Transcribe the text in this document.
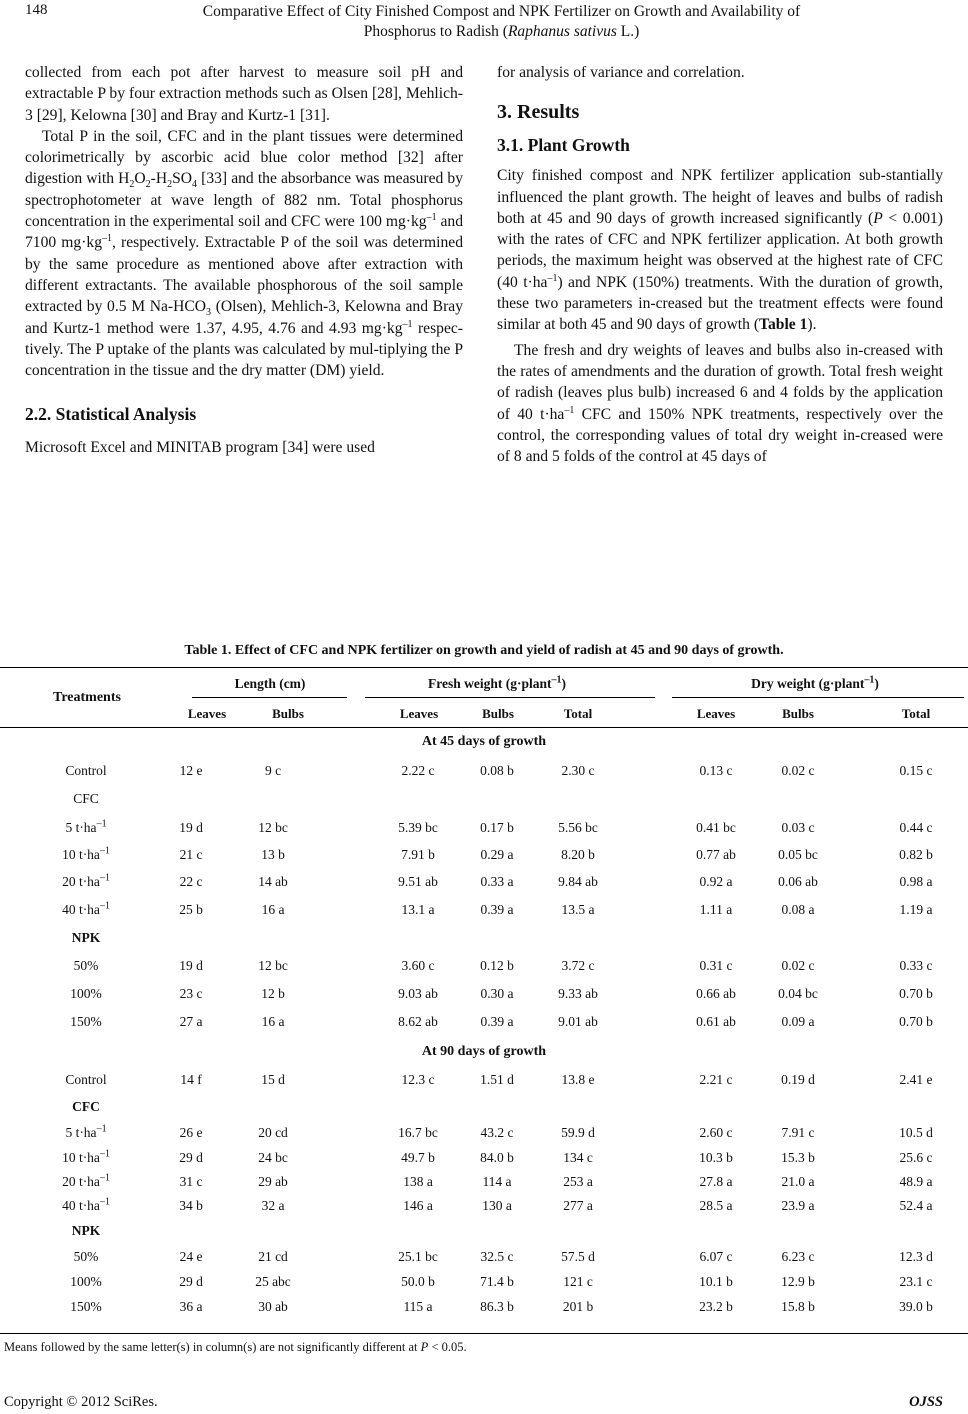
148	Comparative Effect of City Finished Compost and NPK Fertilizer on Growth and Availability of
Phosphorus to Radish (Raphanus sativus L.)

collected from each pot after harvest to measure soil pH and extractable P by four extraction methods such as Olsen [28], Mehlich-3 [29], Kelowna [30] and Bray and Kurtz-1 [31].

Total P in the soil, CFC and in the plant tissues were determined colorimetrically by ascorbic acid blue color method [32] after digestion with $H_2O_2-H_2SO_4$ [33] and the absorbance was measured by spectrophotometer at wave length of 882 nm. Total phosphorus concentration in the experimental soil and CFC were 100 $mg\cdot kg^{-1}$ and 7100 $mg\cdot kg^{-1}$, respectively. Extractable P of the soil was determined by the same procedure as mentioned above after extraction with different extractants. The available phosphorous of the soil sample extracted by 0.5 M $Na-HCO_3$ (Olsen), Mehlich-3, Kelowna and Bray and Kurtz-1 method were 1.37, 4.95, 4.76 and 4.93 $mg\cdot kg^{-1}$ respec-tively. The P uptake of the plants was calculated by mul-tiplying the P concentration in the tissue and the dry matter (DM) yield.

2.2. Statistical Analysis

Microsoft Excel and MINITAB program [34] were used

for analysis of variance and correlation.

3. Results
3.1. Plant Growth

City finished compost and NPK fertilizer application sub-stantially influenced the plant growth. The height of leaves and bulbs of radish both at 45 and 90 days of growth increased significantly (P < 0.001) with the rates of CFC and NPK fertilizer application. At both growth periods, the maximum height was observed at the highest rate of CFC (40 $t\cdot ha^{-1}$) and NPK (150%) treatments. With the duration of growth, these two parameters in-creased but the treatment effects were found similar at both 45 and 90 days of growth (Table 1).

The fresh and dry weights of leaves and bulbs also in-creased with the rates of amendments and the duration of growth. Total fresh weight of radish (leaves plus bulb) increased 6 and 4 folds by the application of 40 $t\cdot ha^{-1}$ CFC and 150% NPK treatments, respectively over the control, the corresponding values of total dry weight in-creased were of 8 and 5 folds of the control at 45 days of

Table 1. Effect of CFC and NPK fertilizer on growth and yield of radish at 45 and 90 days of growth.
Treatments
Length (cm)	Fresh weight (g·plant$^{-1}$)	Dry weight (g·plant$^{-1}$)
Leaves	Bulbs	Leaves	Bulbs	Total	Leaves	Bulbs	Total
At 45 days of growth
Control	12 e	9 c	2.22 c	0.08 b	2.30 c	0.13 c	0.02 c	0.15 c
CFC
5 $t\cdot ha^{-1}$	19 d	12 bc	5.39 bc	0.17 b	5.56 bc	0.41 bc	0.03 c	0.44 c
10 $t\cdot ha^{-1}$	21 c	13 b	7.91 b	0.29 a	8.20 b	0.77 ab	0.05 bc	0.82 b
20 $t\cdot ha^{-1}$	22 c	14 ab	9.51 ab	0.33 a	9.84 ab	0.92 a	0.06 ab	0.98 a
40 $t\cdot ha^{-1}$	25 b	16 a	13.1 a	0.39 a	13.5 a	1.11 a	0.08 a	1.19 a
NPK
50%	19 d	12 bc	3.60 c	0.12 b	3.72 c	0.31 c	0.02 c	0.33 c
100%	23 c	12 b	9.03 ab	0.30 a	9.33 ab	0.66 ab	0.04 bc	0.70 b
150%	27 a	16 a	8.62 ab	0.39 a	9.01 ab	0.61 ab	0.09 a	0.70 b
At 90 days of growth
Control	14 f	15 d	12.3 c	1.51 d	13.8 e	2.21 c	0.19 d	2.41 e
CFC
5 $t\cdot ha^{-1}$	26 e	20 cd	16.7 bc	43.2 c	59.9 d	2.60 c	7.91 c	10.5 d
10 $t\cdot ha^{-1}$	29 d	24 bc	49.7 b	84.0 b	134 c	10.3 b	15.3 b	25.6 c
20 $t\cdot ha^{-1}$	31 c	29 ab	138 a	114 a	253 a	27.8 a	21.0 a	48.9 a
40 $t\cdot ha^{-1}$	34 b	32 a	146 a	130 a	277 a	28.5 a	23.9 a	52.4 a
NPK
50%	24 e	21 cd	25.1 bc	32.5 c	57.5 d	6.07 c	6.23 c	12.3 d
100%	29 d	25 abc	50.0 b	71.4 b	121 c	10.1 b	12.9 b	23.1 c
150%	36 a	30 ab	115 a	86.3 b	201 b	23.2 b	15.8 b	39.0 b
Means followed by the same letter(s) in column(s) are not significantly different at P < 0.05.
Copyright © 2012 SciRes.	OJSS
